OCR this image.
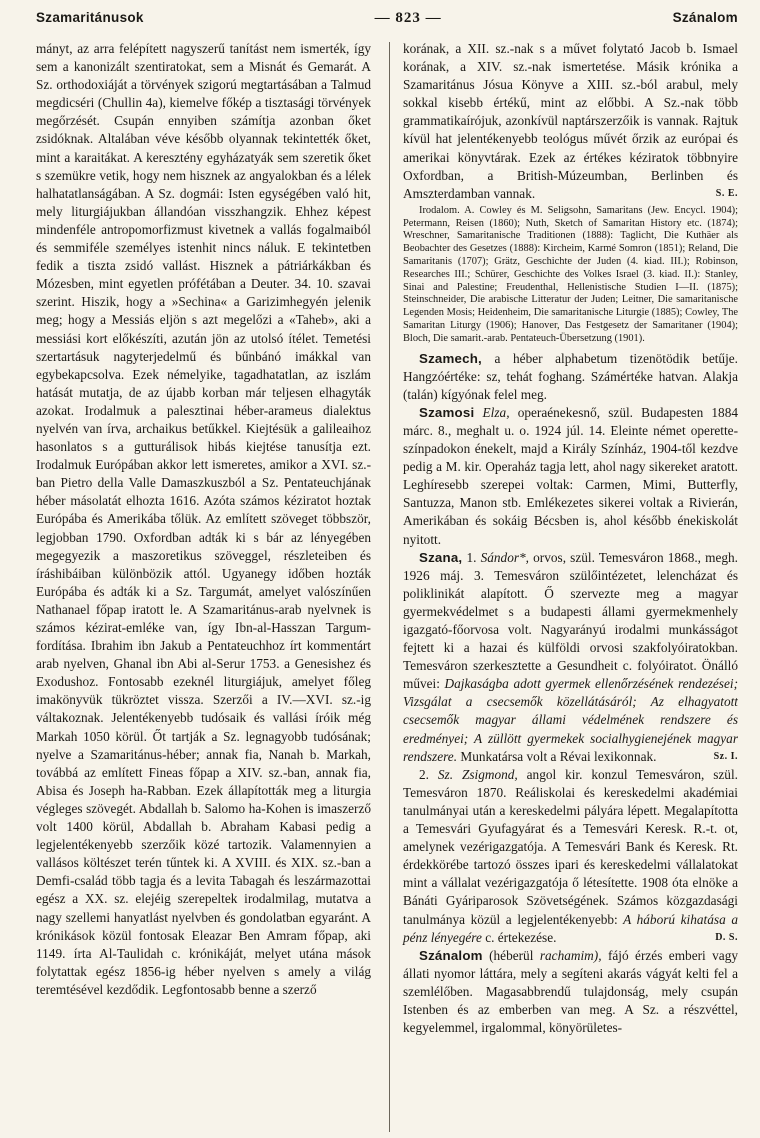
Szamaritánusok	— 823 —	Szánalom

mányt, az arra felépített nagyszerű tanítást nem ismerték, így sem a kanonizált szentiratokat, sem a Misnát és Gemarát. A Sz. orthodoxiáját a törvények szigorú megtartásában a Talmud megdicséri (Chullin 4a), kiemelve főkép a tisztasági törvények megőrzését. Csupán ennyiben számítja azonban őket zsidóknak. Altalában véve később olyannak tekintették őket, mint a karaitákat. A keresztény egyházatyák sem szeretik őket s szemükre vetik, hogy nem hisznek az angyalokban és a lélek halhatatlanságában. A Sz. dogmái: Isten egységében való hit, mely liturgiájukban állandóan visszhangzik. Ehhez képest mindenféle antropomorfizmust kivetnek a vallás fogalmaiból és semmiféle személyes istenhit nincs náluk. E tekintetben fedik a tiszta zsidó vallást. Hisznek a pátriárkákban és Mózesben, mint egyetlen prófétában a Deuter. 34. 10. szavai szerint. Hiszik, hogy a »Sechina« a Garizimhegyén jelenik meg; hogy a Messiás eljön s azt megelőzi a «Taheb», aki a messiási kort előkészíti, azután jön az utolsó ítélet. Temetési szertartásuk nagyterjedelmű és bűnbánó imákkal van egybekapcsolva. Ezek némelyike, tagadhatatlan, az iszlám hatását mutatja, de az újabb korban már teljesen elhagyták azokat. Irodalmuk a palesztinai héber-arameus dialektus nyelvén van írva, archaikus betűkkel. Kiejtésük a galileaihoz hasonlatos s a gutturálisok hibás kiejtése tanusítja ezt. Irodalmuk Európában akkor lett ismeretes, amikor a XVI. sz.-ban Pietro della Valle Damaszkuszból a Sz. Pentateuchjának héber másolatát elhozta 1616. Azóta számos kéziratot hoztak Európába és Amerikába tőlük. Az említett szöveget többször, legjobban 1790. Oxfordban adták ki s bár az lényegében megegyezik a maszoretikus szöveggel, részleteiben és íráshibáiban különbözik attól. Ugyanegy időben hozták Európába és adták ki a Sz. Targumát, amelyet valószínűen Nathanael főpap iratott le. A Szamaritánus-arab nyelvnek is számos kézirat-emléke van, így Ibn-al-Hasszan Targum-fordítása. Ibrahim ibn Jakub a Pentateuchhoz írt kommentárt arab nyelven, Ghanal ibn Abi al-Serur 1753. a Genesishez és Exodushoz. Fontosabb ezeknél liturgiájuk, amelyet főleg imakönyvük tükröztet vissza. Szerzői a IV.—XVI. sz.-ig váltakoznak. Jelentékenyebb tudósaik és vallási íróik még Markah 1050 körül. Őt tartják a Sz. legnagyobb tudósának; nyelve a Szamaritánus-héber; annak fia, Nanah b. Markah, továbbá az említett Fineas főpap a XIV. sz.-ban, annak fia, Abisa és Joseph ha-Rabban. Ezek állapították meg a liturgia végleges szövegét. Abdallah b. Salomo ha-Kohen is imaszerző volt 1400 körül, Abdallah b. Abraham Kabasi pedig a legjelentékenyebb szerzőik közé tartozik. Valamennyien a vallásos költészet terén tűntek ki. A XVIII. és XIX. sz.-ban a Demfi-család több tagja és a levita Tabagah és leszármazottai egész a XX. sz. elejéig szerepeltek irodalmilag, mutatva a nagy szellemi hanyatlást nyelvben és gondolatban egyaránt. A krónikások közül fontosak Eleazar Ben Amram főpap, aki 1149. írta Al-Taulidah c. krónikáját, melyet utána mások folytattak egész 1856-ig héber nyelven s amely a világ teremtésével kezdődik. Legfontosabb benne a szerző

korának, a XII. sz.-nak s a művet folytató Jacob b. Ismael korának, a XIV. sz.-nak ismertetése. Másik krónika a Szamaritánus Jósua Könyve a XIII. sz.-ból arabul, mely sokkal kisebb értékű, mint az előbbi. A Sz.-nak több grammatikaírójuk, azonkívül naptárszerzőik is vannak. Rajtuk kívül hat jelentékenyebb teológus művét őrzik az európai és amerikai könyvtárak. Ezek az értékes kéziratok többnyire Oxfordban, a British-Múzeumban, Berlinben és Amszterdamban vannak.	S. E.

Irodalom. A. Cowley és M. Seligsohn, Samaritans (Jew. Encycl. 1904); Petermann, Reisen (1860); Nuth, Sketch of Samaritan History etc. (1874); Wreschner, Samaritanische Traditionen (1888): Taglicht, Die Kuthäer als Beobachter des Gesetzes (1888): Kircheim, Karmé Somron (1851); Reland, Die Samaritanis (1707); Grätz, Geschichte der Juden (4. kiad. III.); Robinson, Researches III.; Schürer, Geschichte des Volkes Israel (3. kiad. II.): Stanley, Sinai and Palestine; Freudenthal, Hellenistische Studien I—II. (1875); Steinschneider, Die arabische Litteratur der Juden; Leitner, Die samaritanische Legenden Mosis; Heidenheim, Die samaritanische Liturgie (1885); Cowley, The Samaritan Liturgy (1906); Hanover, Das Festgesetz der Samaritaner (1904); Bloch, Die samarit.-arab. Pentateuch-Übersetzung (1901).

Szamech, a héber alphabetum tizenötödik betűje. Hangzóértéke: sz, tehát foghang. Számértéke hatvan. Alakja (talán) kígyónak felel meg.

Szamosi Elza, operaénekesnő, szül. Budapesten 1884 márc. 8., meghalt u. o. 1924 júl. 14. Eleinte német operette-színpadokon énekelt, majd a Király Színház, 1904-től kezdve pedig a M. kir. Operaház tagja lett, ahol nagy sikereket aratott. Leghíresebb szerepei voltak: Carmen, Mimi, Butterfly, Santuzza, Manon stb. Emlékezetes sikerei voltak a Rivierán, Amerikában és sokáig Bécsben is, ahol később énekiskolát nyitott.

Szana, 1. Sándor*, orvos, szül. Temesváron 1868., megh. 1926 máj. 3. Temesváron szülőintézetet, lelencházat és poliklinikát alapított. Ő szervezte meg a magyar gyermekvédelmet s a budapesti állami gyermekmenhely igazgató-főorvosa volt. Nagyarányú irodalmi munkásságot fejtett ki a hazai és külföldi orvosi szakfolyóiratokban. Temesváron szerkesztette a Gesundheit c. folyóiratot. Önálló művei: Dajkaságba adott gyermek ellenőrzésének rendezései; Vizsgálat a csecsemők közellátásáról; Az elhagyatott csecsemők magyar állami védelmének rendszere és eredményei; A züllött gyermekek socialhygienejének magyar rendszere. Munkatársa volt a Révai lexikonnak.	Sz. I.

2. Sz. Zsigmond, angol kir. konzul Temesváron, szül. Temesváron 1870. Reáliskolai és kereskedelmi akadémiai tanulmányai után a kereskedelmi pályára lépett. Megalapította a Temesvári Gyufagyárat és a Temesvári Keresk. R.-t. ot, amelynek vezérigazgatója. A Temesvári Bank és Keresk. Rt. érdekkörébe tartozó összes ipari és kereskedelmi vállalatokat mint a vállalat vezérigazgatója ő létesítette. 1908 óta elnöke a Bánáti Gyáriparosok Szövetségének. Számos közgazdasági tanulmánya közül a legjelentékenyebb: A háború kihatása a pénz lényegére c. értekezése.	D. S.

Szánalom (héberül rachamim), fájó érzés emberi vagy állati nyomor láttára, mely a segíteni akarás vágyát kelti fel a szemlélőben. Magasabbrendű tulajdonság, mely csupán Istenben és az emberben van meg. A Sz. a részvéttel, kegyelemmel, irgalommal, könyörületes-
